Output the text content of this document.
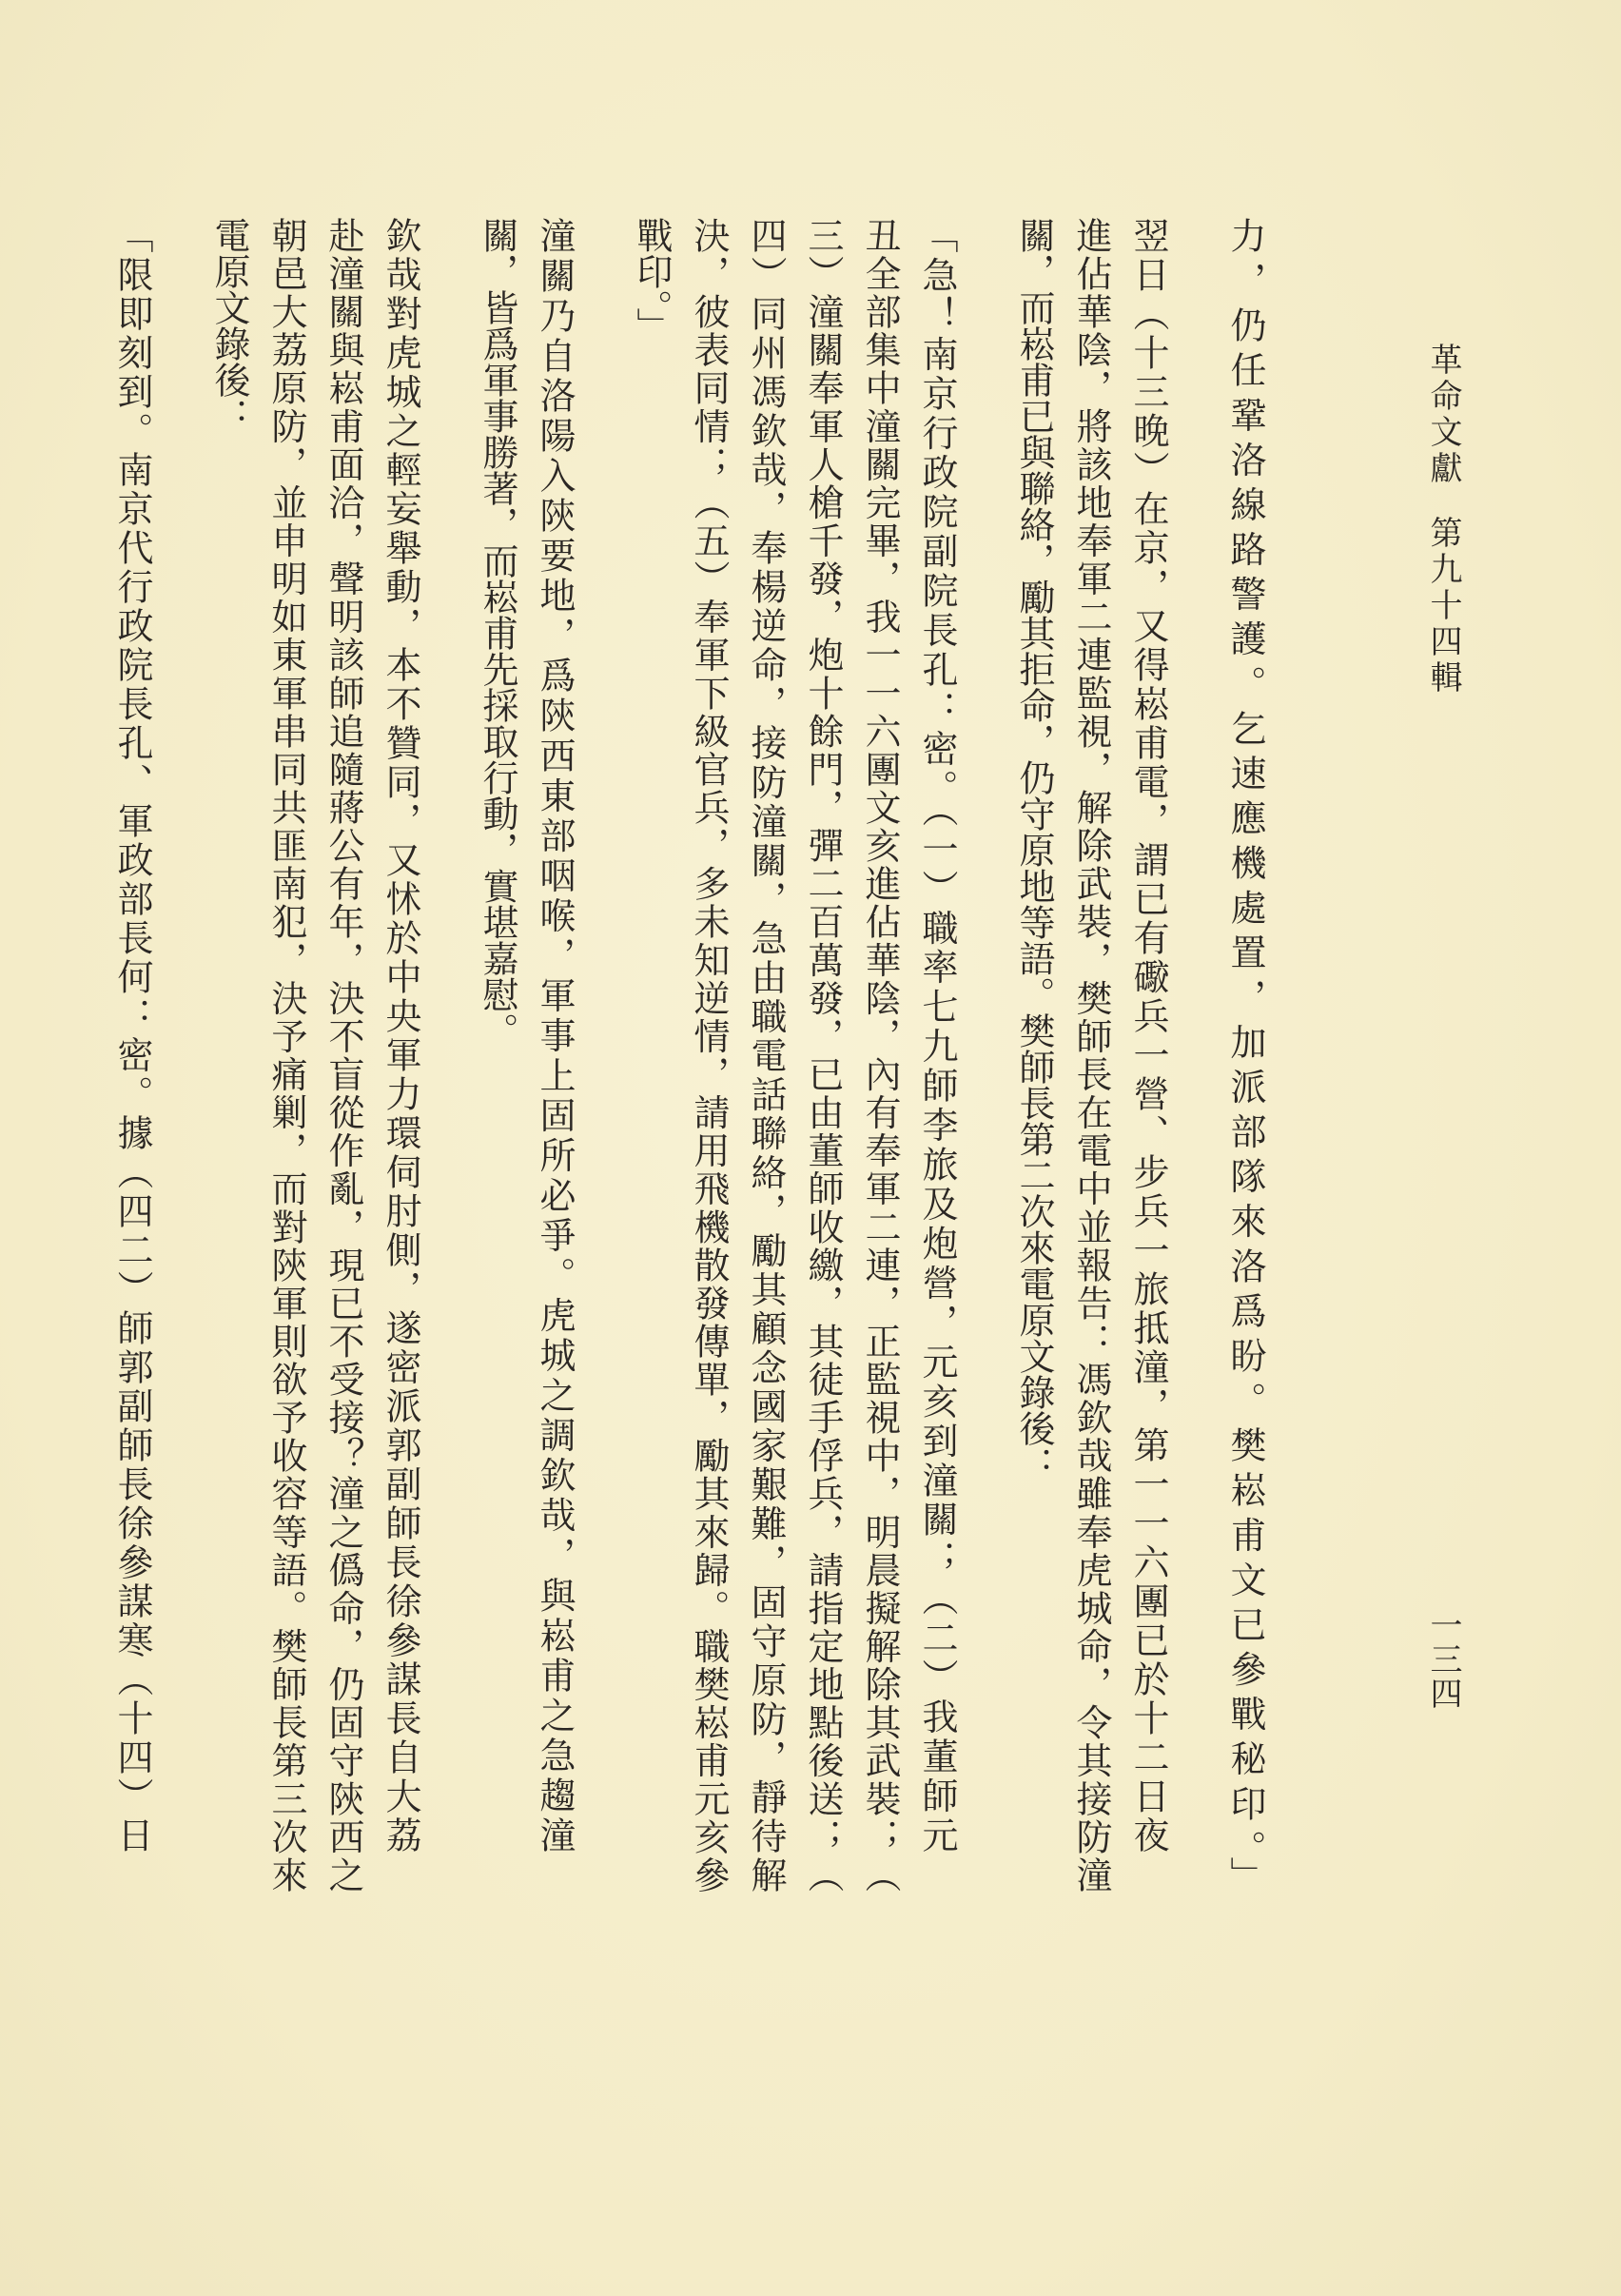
革命文獻第九十四輯
一三四
力，仍任鞏洛線路警護。乞速應機處置，加派部隊來洛爲盼。樊崧甫文已參戰秘印。」
翌日（十三晚）在京，又得崧甫電，謂已有礮兵一營、步兵一旅抵潼，第一一六團已於十二日夜
進佔華陰，將該地奉軍二連監視，解除武裝，樊師長在電中並報告：馮欽哉雖奉虎城命，令其接防潼
關，而崧甫已與聯絡，勵其拒命，仍守原地等語。樊師長第二次來電原文錄後：
「急！南京行政院副院長孔：密。（一）職率七九師李旅及炮營，元亥到潼關；（二）我董師元
丑全部集中潼關完畢，我一一六團文亥進佔華陰，內有奉軍二連，正監視中，明晨擬解除其武裝；（
三）潼關奉軍人槍千發，炮十餘門，彈二百萬發，已由董師收繳，其徒手俘兵，請指定地點後送；（
四）同州馮欽哉，奉楊逆命，接防潼關，急由職電話聯絡，勵其顧念國家艱難，固守原防，靜待解
決，彼表同情；（五）奉軍下級官兵，多未知逆情，請用飛機散發傳單，勵其來歸。職樊崧甫元亥參
戰印。」
潼關乃自洛陽入陝要地，爲陝西東部咽喉，軍事上固所必爭。虎城之調欽哉，與崧甫之急趨潼
關，皆爲軍事勝著，而崧甫先採取行動，實堪嘉慰。
欽哉對虎城之輕妄舉動，本不贊同，又怵於中央軍力環伺肘側，遂密派郭副師長徐參謀長自大荔
赴潼關與崧甫面洽，聲明該師追隨蔣公有年，決不盲從作亂，現已不受接？潼之僞命，仍固守陝西之
朝邑大荔原防，並申明如東軍串同共匪南犯，決予痛剿，而對陝軍則欲予收容等語。樊師長第三次來
電原文錄後：
「限即刻到。南京代行政院長孔、軍政部長何：密。據（四二）師郭副師長徐參謀寒（十四）日
